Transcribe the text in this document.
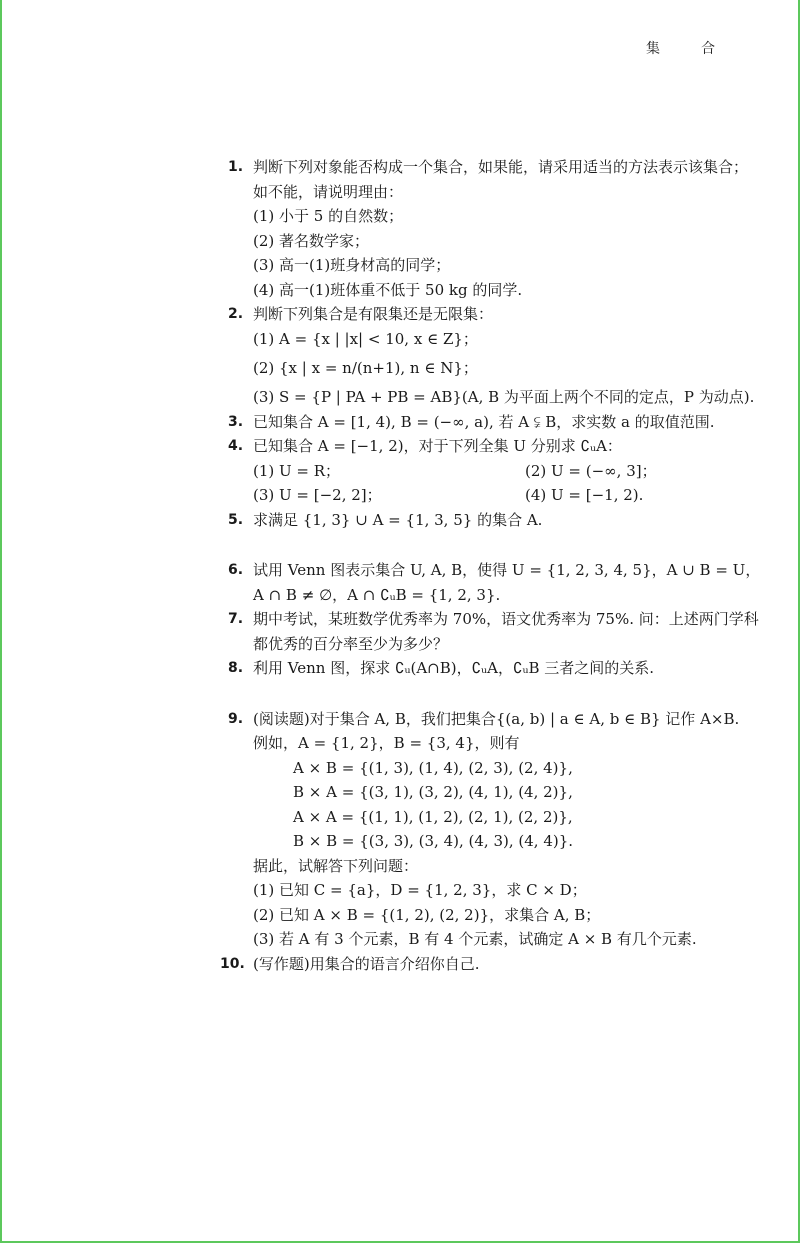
集	合
1. 判断下列对象能否构成一个集合，如果能，请采用适当的方法表示该集合；
如不能，请说明理由：
(1) 小于 5 的自然数；
(2) 著名数学家；
(3) 高一(1)班身材高的同学；
(4) 高一(1)班体重不低于 50 kg 的同学.
2. 判断下列集合是有限集还是无限集：
(1) A = {x | |x| < 10, x ∈ Z}；
(2) {x | x = n/(n+1), n ∈ N}；
(3) S = {P | PA + PB = AB}(A, B 为平面上两个不同的定点，P 为动点).
3. 已知集合 A = [1, 4), B = (−∞, a), 若 A ⫋ B，求实数 a 的取值范围.
4. 已知集合 A = [−1, 2)，对于下列全集 U 分别求 ∁ᵤA：
(1) U = R；	(2) U = (−∞, 3]；
(3) U = [−2, 2]；	(4) U = [−1, 2).
5. 求满足 {1, 3} ∪ A = {1, 3, 5} 的集合 A.
6. 试用 Venn 图表示集合 U, A, B，使得 U = {1, 2, 3, 4, 5}，A ∪ B = U，
A ∩ B ≠ ∅，A ∩ ∁ᵤB = {1, 2, 3}.
7. 期中考试，某班数学优秀率为 70%，语文优秀率为 75%. 问：上述两门学科
都优秀的百分率至少为多少？
8. 利用 Venn 图，探求 ∁ᵤ(A∩B)，∁ᵤA，∁ᵤB 三者之间的关系.
9. (阅读题)对于集合 A, B，我们把集合{(a, b) | a ∈ A, b ∈ B} 记作 A×B.
例如，A = {1, 2}，B = {3, 4}，则有
A × B = {(1, 3), (1, 4), (2, 3), (2, 4)},
B × A = {(3, 1), (3, 2), (4, 1), (4, 2)},
A × A = {(1, 1), (1, 2), (2, 1), (2, 2)},
B × B = {(3, 3), (3, 4), (4, 3), (4, 4)}.
据此，试解答下列问题：
(1) 已知 C = {a}，D = {1, 2, 3}，求 C × D；
(2) 已知 A × B = {(1, 2), (2, 2)}，求集合 A, B；
(3) 若 A 有 3 个元素，B 有 4 个元素，试确定 A × B 有几个元素.
10. (写作题)用集合的语言介绍你自己.
